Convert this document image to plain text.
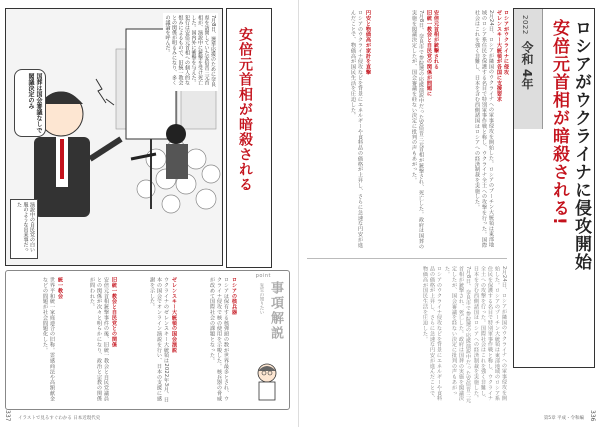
7月8日、選挙応援のために奈良県を訪問していた安倍晋三元首相が、演説中に銃撃を受け死亡した。国内外に衝撃を与えた。犯行は安倍元首相への個人的な恨みによるもので、旧統一教会との関係が明るみになり、多くの議論を呼んだ。
国葬は国会審議なしで閣議決定のみ
演説中の自民党の白い服のような出来事だった
安倍元首相が暗殺される
point
先生の知りたい 事項解説

ロシアの核兵器

ロシアは保有する核弾頭の数が世界最多とされ、ウクライナ侵攻で核の使用を示唆した。核兵器の脅威が改めて国際社会の課題となった。

ゼレンスキー大統領の国会演説

ウクライナのゼレンスキー大統領は2022年3月、日本の国会でオンライン演説を行い、日本の支援に感謝を示した。

旧統一教会と自民党との関係

安倍元首相銃撃事件の後、旧統一教会と自民党議員との関係が次々と明らかになり、政治と宗教の関係が問われた。

統一教会

世界平和統一家庭連合の旧称。霊感商法や高額献金などの問題が社会問題化した。

337 イラストで見るすぐわかる 日本近現代史
2022
令和
4年 ロシアがウクライナに侵攻開始
安倍元首相が暗殺される!

ロシアがウクライナに侵攻
ゼレンスキー大統領が各国に支援要求

2月24日、ロシアが隣国のウクライナへの軍事侵攻を開始した。ロシアのプーチン大統領は東部地域のロシア系住民を保護する名目で特別軍事作戦と称し、ウクライナ全土への攻撃を行った。国際社会はこれを強く非難し、日本を含む西側諸国はロシアへの経済制裁を実施した。

安倍元首相が銃撃される
旧統一教会と自民党の関係が問題に

7月8日、奈良市で参院選の応援演説中だった安倍晋三元首相が銃撃され、死亡した。政府は国葬の実施を閣議決定したが、国会審議を経ない決定に批判の声もあがった。

円安と物価高が家計を直撃

ロシアのウクライナ侵攻などを背景にエネルギーや食料品の価格が上昇し、さらに急速な円安が進んだことで、物価高が国民生活を圧迫した。

2月24日、ロシアが隣国のウクライナへの軍事侵攻を開始した。ロシアのプーチン大統領は東部地域のロシア系住民を保護する名目で特別軍事作戦と称し、ウクライナ全土への攻撃を行った。国際社会はこれを強く非難し、日本を含む西側諸国はロシアへの経済制裁を実施した。

7月8日、奈良市で参院選の応援演説中だった安倍晋三元首相が銃撃され、死亡した。政府は国葬の実施を閣議決定したが、国会審議を経ない決定に批判の声もあがった。

ロシアのウクライナ侵攻などを背景にエネルギーや食料品の価格が上昇し、さらに急速な円安が進んだことで、物価高が国民生活を圧迫した。

336
第5章 平成・令和編
